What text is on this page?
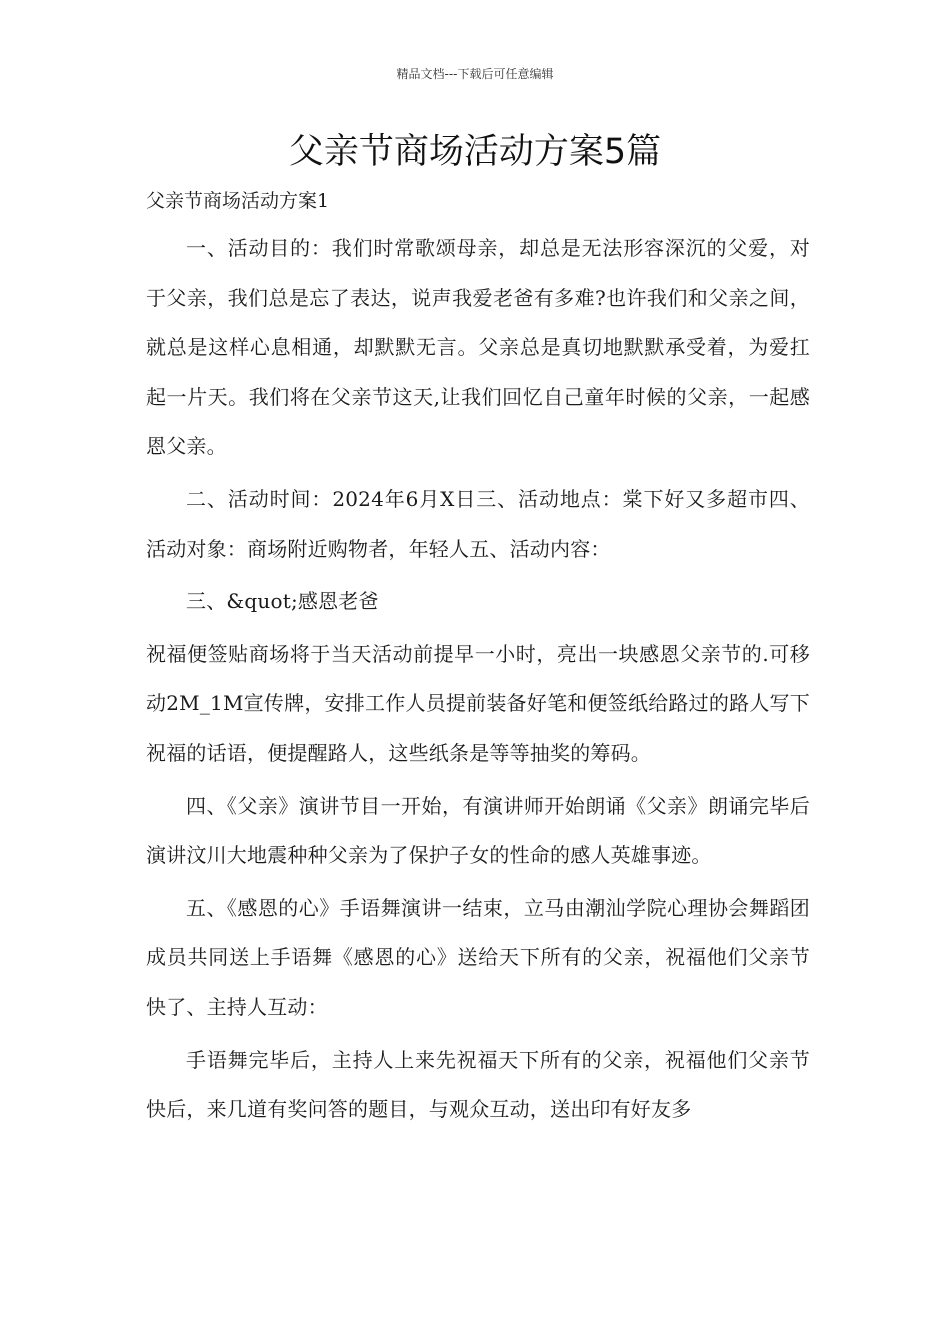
精品文档---下载后可任意编辑
父亲节商场活动方案5篇

父亲节商场活动方案1

一、活动目的：我们时常歌颂母亲，却总是无法形容深沉的父爱，对于父亲，我们总是忘了表达，说声我爱老爸有多难?也许我们和父亲之间，就总是这样心息相通，却默默无言。父亲总是真切地默默承受着，为爱扛起一片天。我们将在父亲节这天,让我们回忆自己童年时候的父亲，一起感恩父亲。

二、活动时间：2024年6月X日三、活动地点：棠下好又多超市四、活动对象：商场附近购物者，年轻人五、活动内容：

三、&quot;感恩老爸

祝福便签贴商场将于当天活动前提早一小时，亮出一块感恩父亲节的.可移动2M_1M宣传牌，安排工作人员提前装备好笔和便签纸给路过的路人写下祝福的话语，便提醒路人，这些纸条是等等抽奖的筹码。

四、《父亲》演讲节目一开始，有演讲师开始朗诵《父亲》朗诵完毕后演讲汶川大地震种种父亲为了保护子女的性命的感人英雄事迹。

五、《感恩的心》手语舞演讲一结束，立马由潮汕学院心理协会舞蹈团成员共同送上手语舞《感恩的心》送给天下所有的父亲，祝福他们父亲节快了、主持人互动：

手语舞完毕后，主持人上来先祝福天下所有的父亲，祝福他们父亲节快后，来几道有奖问答的题目，与观众互动，送出印有好友多
